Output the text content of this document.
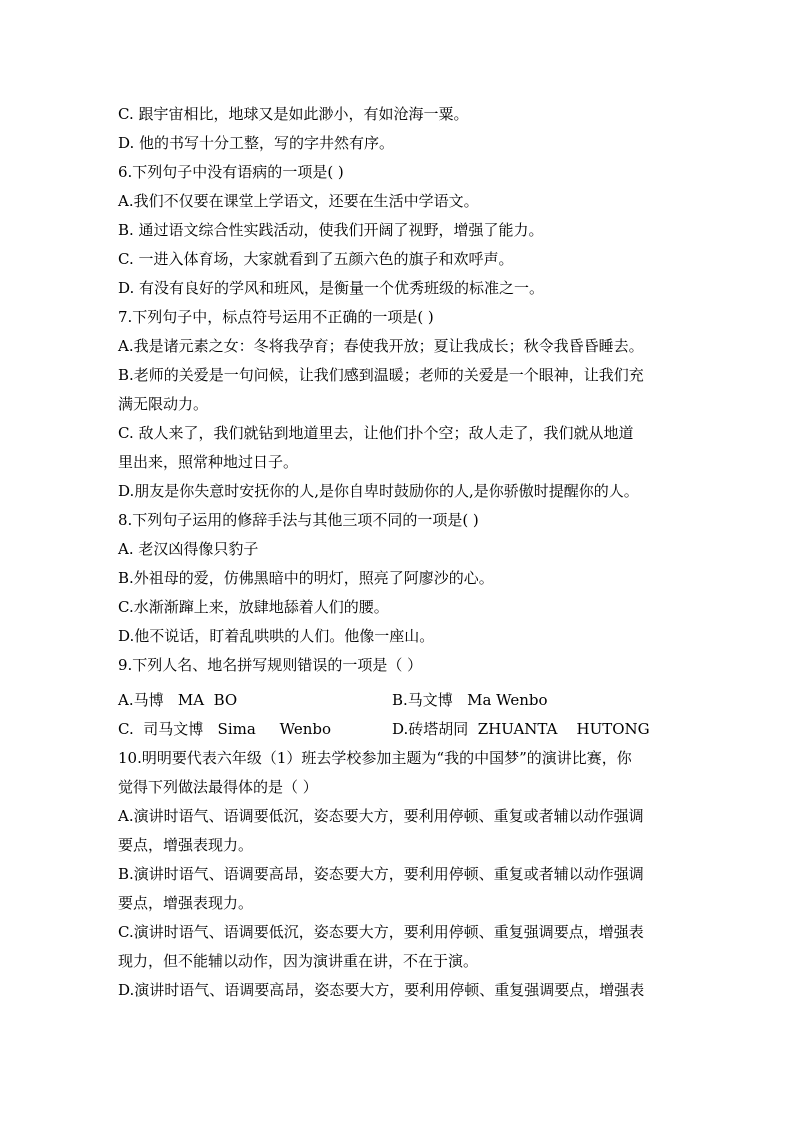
C. 跟宇宙相比，地球又是如此渺小，有如沧海一粟。
D. 他的书写十分工整，写的字井然有序。
6.下列句子中没有语病的一项是( )
A.我们不仅要在课堂上学语文，还要在生活中学语文。
B. 通过语文综合性实践活动，使我们开阔了视野，增强了能力。
C. 一进入体育场，大家就看到了五颜六色的旗子和欢呼声。
D. 有没有良好的学风和班风，是衡量一个优秀班级的标准之一。
7.下列句子中，标点符号运用不正确的一项是( )
A.我是诸元素之女：冬将我孕育；春使我开放；夏让我成长；秋令我昏昏睡去。
B.老师的关爱是一句问候，让我们感到温暖；老师的关爱是一个眼神，让我们充
满无限动力。
C. 敌人来了，我们就钻到地道里去，让他们扑个空；敌人走了，我们就从地道
里出来，照常种地过日子。
D.朋友是你失意时安抚你的人,是你自卑时鼓励你的人,是你骄傲时提醒你的人。
8.下列句子运用的修辞手法与其他三项不同的一项是( )
A. 老汉凶得像只豹子
B.外祖母的爱，仿佛黑暗中的明灯，照亮了阿廖沙的心。
C.水渐渐蹿上来，放肆地舔着人们的腰。
D.他不说话，盯着乱哄哄的人们。他像一座山。
9.下列人名、地名拼写规则错误的一项是（ ）
A.马博   MA  BO	B.马文博   Ma Wenbo
C.  司马文博   Sima     Wenbo	D.砖塔胡同  ZHUANTA    HUTONG
10.明明要代表六年级（1）班去学校参加主题为“我的中国梦”的演讲比赛，你
觉得下列做法最得体的是（ ）
A.演讲时语气、语调要低沉，姿态要大方，要利用停顿、重复或者辅以动作强调
要点，增强表现力。
B.演讲时语气、语调要高昂，姿态要大方，要利用停顿、重复或者辅以动作强调
要点，增强表现力。
C.演讲时语气、语调要低沉，姿态要大方，要利用停顿、重复强调要点，增强表
现力，但不能辅以动作，因为演讲重在讲，不在于演。
D.演讲时语气、语调要高昂，姿态要大方，要利用停顿、重复强调要点，增强表
